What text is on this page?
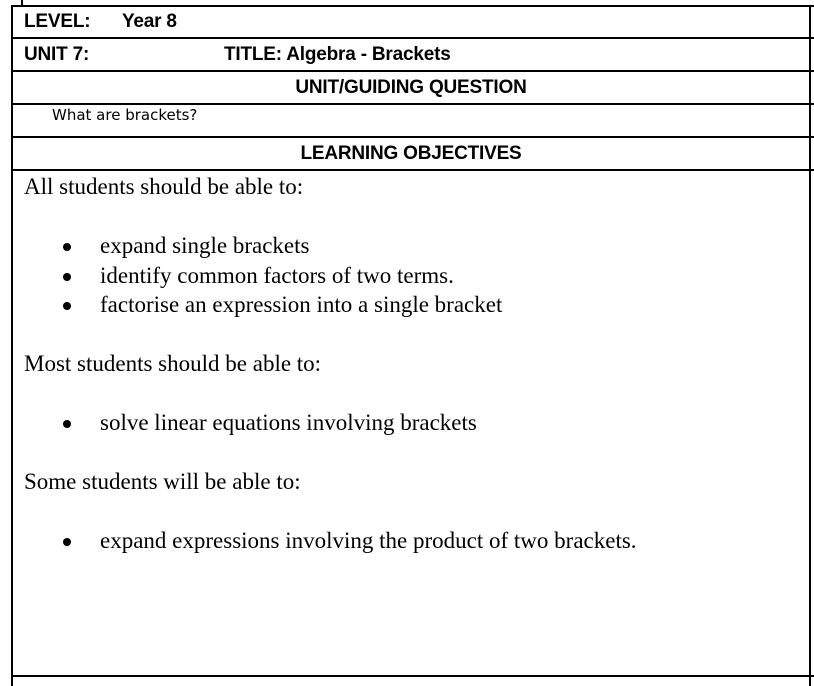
LEVEL: Year 8
UNIT 7:	TITLE: Algebra - Brackets
UNIT/GUIDING QUESTION
What are brackets?
LEARNING OBJECTIVES

All students should be able to:

expand single brackets
identify common factors of two terms.
factorise an expression into a single bracket

Most students should be able to:

solve linear equations involving brackets

Some students will be able to:

expand expressions involving the product of two brackets.
